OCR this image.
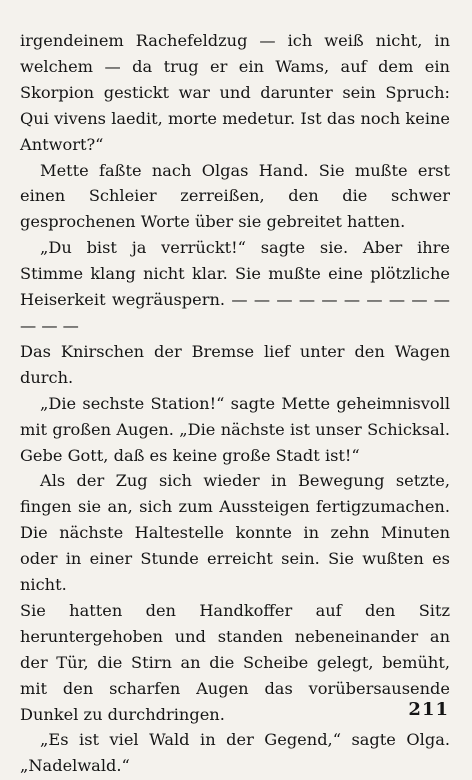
irgendeinem Rachefeldzug — ich weiß nicht, in welchem — da trug er ein Wams, auf dem ein Skorpion gestickt war und darunter sein Spruch: Qui vivens laedit, morte medetur. Ist das noch keine Antwort?“

Mette faßte nach Olgas Hand. Sie mußte erst einen Schleier zerreißen, den die schwer gesprochenen Worte über sie gebreitet hatten.

„Du bist ja verrückt!“ sagte sie. Aber ihre Stimme klang nicht klar. Sie mußte eine plötzliche Heiserkeit wegräuspern. — — — — — — — — — — — — —

Das Knirschen der Bremse lief unter den Wagen durch.

„Die sechste Station!“ sagte Mette geheimnisvoll mit großen Augen. „Die nächste ist unser Schicksal. Gebe Gott, daß es keine große Stadt ist!“

Als der Zug sich wieder in Bewegung setzte, fingen sie an, sich zum Aussteigen fertigzumachen. Die nächste Haltestelle konnte in zehn Minuten oder in einer Stunde erreicht sein. Sie wußten es nicht.

Sie hatten den Handkoffer auf den Sitz heruntergehoben und standen nebeneinander an der Tür, die Stirn an die Scheibe gelegt, bemüht, mit den scharfen Augen das vorübersausende Dunkel zu durchdringen.

„Es ist viel Wald in der Gegend,“ sagte Olga. „Nadelwald.“

211
